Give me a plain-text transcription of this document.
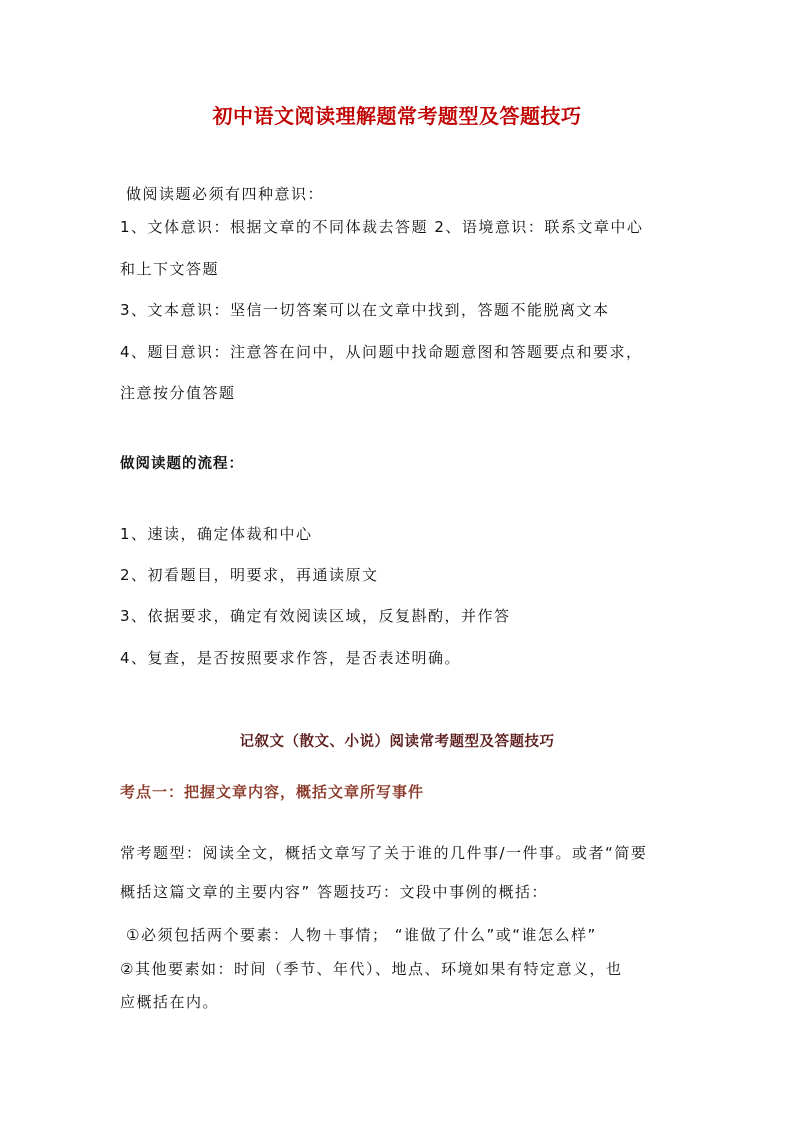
初中语文阅读理解题常考题型及答题技巧

做阅读题必须有四种意识：

1、文体意识：根据文章的不同体裁去答题 2、语境意识：联系文章中心

和上下文答题

3、文本意识：坚信一切答案可以在文章中找到，答题不能脱离文本

4、题目意识：注意答在问中，从问题中找命题意图和答题要点和要求，

注意按分值答题

做阅读题的流程：

1、速读，确定体裁和中心

2、初看题目，明要求，再通读原文

3、依据要求，确定有效阅读区域，反复斟酌，并作答

4、复查，是否按照要求作答，是否表述明确。

记叙文（散文、小说）阅读常考题型及答题技巧
考点一：把握文章内容，概括文章所写事件

常考题型：阅读全文，概括文章写了关于谁的几件事/一件事。或者“简要

概括这篇文章的主要内容” 答题技巧：文段中事例的概括：

①必须包括两个要素：人物＋事情； “谁做了什么”或“谁怎么样”

②其他要素如：时间（季节、年代）、地点、环境如果有特定意义，也

应概括在内。
